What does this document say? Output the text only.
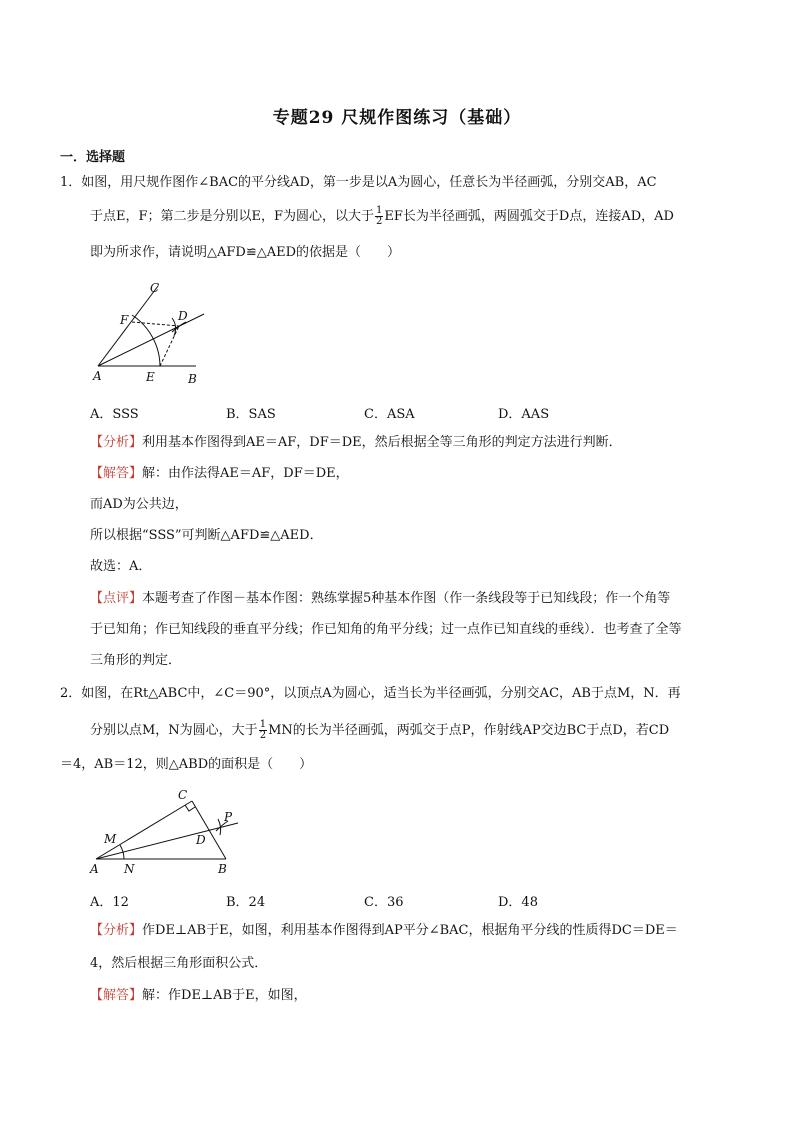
专题29 尺规作图练习（基础）
一．选择题
1．如图，用尺规作图作∠BAC的平分线AD，第一步是以A为圆心，任意长为半径画弧，分别交AB，AC
于点E，F；第二步是分别以E，F为圆心，以大于 $\frac{1}{2}$ EF长为半径画弧，两圆弧交于D点，连接AD，AD
即为所求作，请说明△AFD≌△AED的依据是（　　）
C
F	D
A	E	B
A．SSS	B．SAS	C．ASA	D．AAS
【分析】利用基本作图得到AE＝AF，DF＝DE，然后根据全等三角形的判定方法进行判断．
【解答】解：由作法得AE＝AF，DF＝DE，
而AD为公共边，
所以根据“SSS”可判断△AFD≌△AED．
故选：A．
【点评】本题考查了作图－基本作图：熟练掌握5种基本作图（作一条线段等于已知线段；作一个角等
于已知角；作已知线段的垂直平分线；作已知角的角平分线；过一点作已知直线的垂线）．也考查了全等
三角形的判定．
2．如图，在Rt△ABC中，∠C＝90°，以顶点A为圆心，适当长为半径画弧，分别交AC，AB于点M，N．再
分别以点M，N为圆心，大于 $\frac{1}{2}$ MN的长为半径画弧，两弧交于点P，作射线AP交边BC于点D，若CD
＝4，AB＝12，则△ABD的面积是（　　）
C
P
M	D
A N	B
A．12	B．24	C．36	D．48
【分析】作DE⊥AB于E，如图，利用基本作图得到AP平分∠BAC，根据角平分线的性质得DC＝DE＝
4，然后根据三角形面积公式．
【解答】解：作DE⊥AB于E，如图，
